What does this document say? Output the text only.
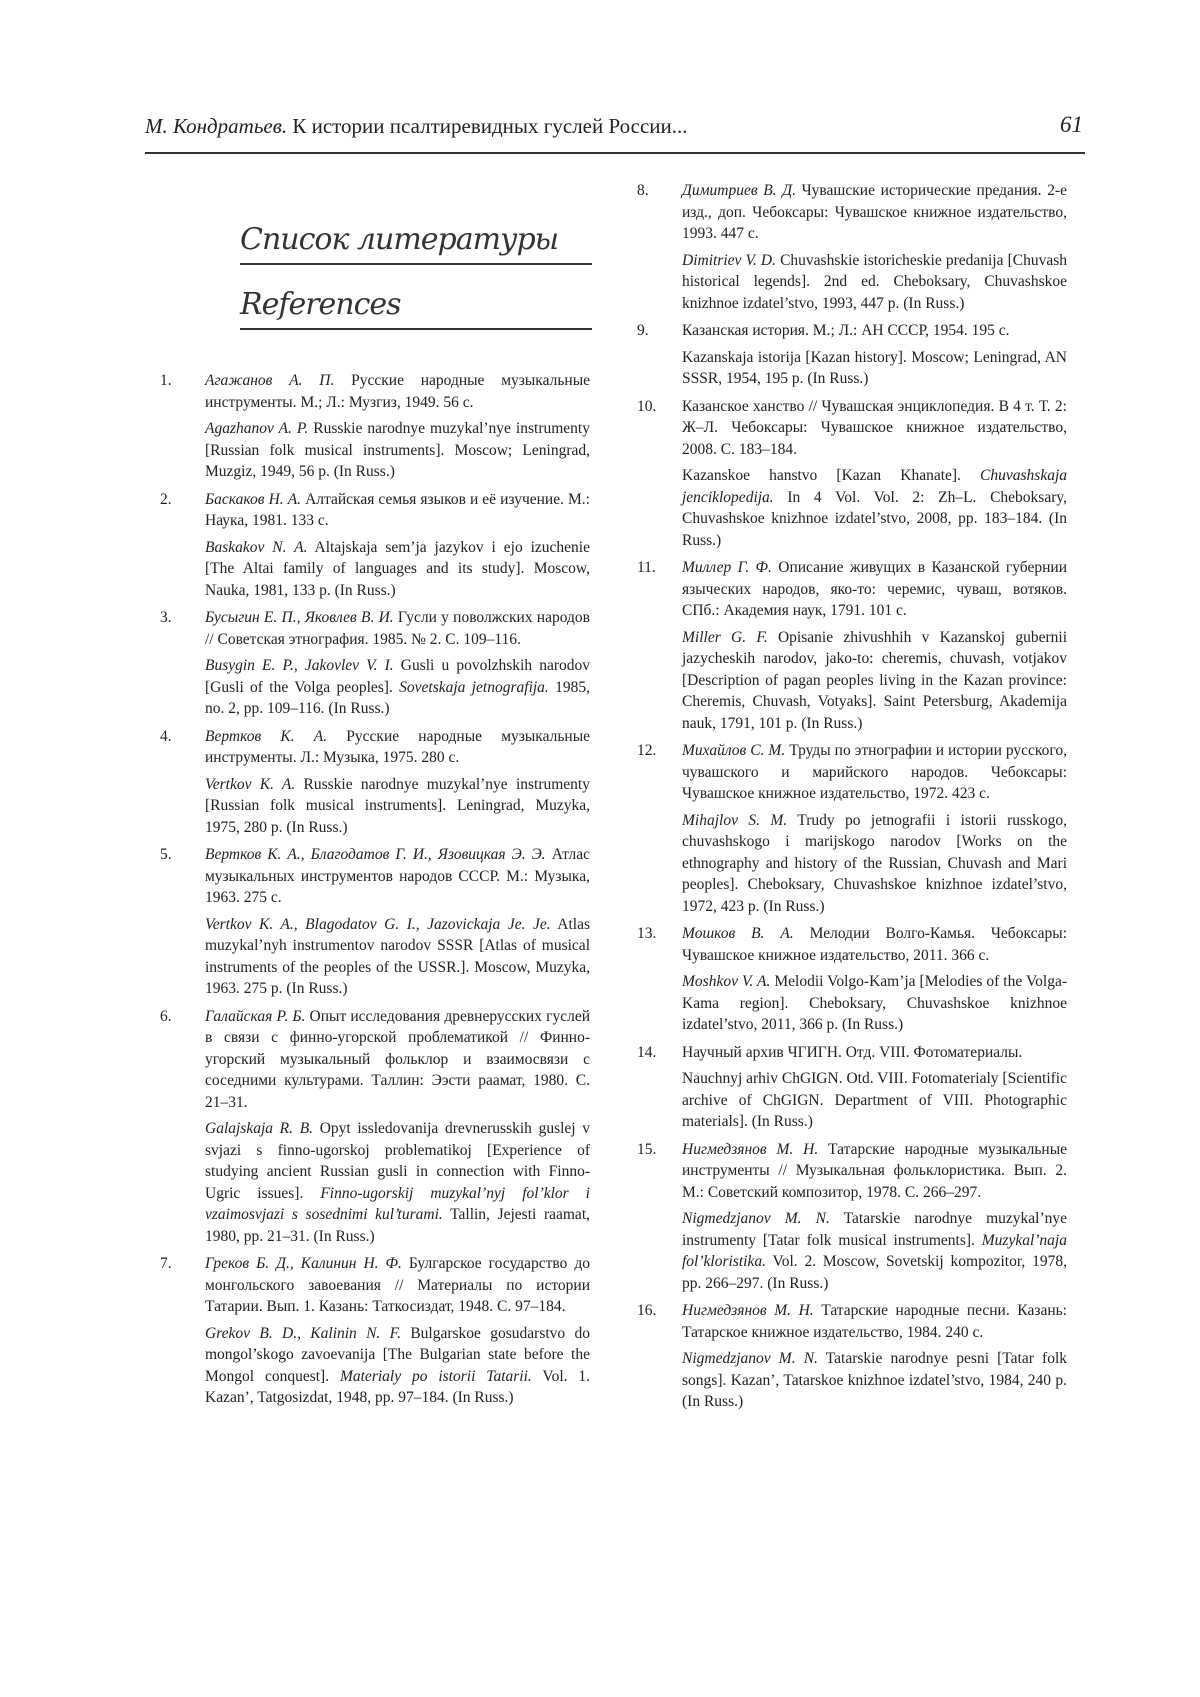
М. Кондратьев. К истории псалтиревидных гуслей России...	61
Список литературы
References
1. Агажанов А. П. Русские народные музыкальные инструменты. М.; Л.: Музгиз, 1949. 56 с.

Agazhanov A. P. Russkie narodnye muzykal’nye instrumenty [Russian folk musical instruments]. Moscow; Leningrad, Muzgiz, 1949, 56 p. (In Russ.)

2. Баскаков Н. А. Алтайская семья языков и её изучение. М.: Наука, 1981. 133 с.

Baskakov N. A. Altajskaja sem’ja jazykov i ejo izuchenie [The Altai family of languages and its study]. Moscow, Nauka, 1981, 133 p. (In Russ.)

3. Бусыгин Е. П., Яковлев В. И. Гусли у поволжских народов // Советская этнография. 1985. № 2. С. 109–116.

Busygin E. P., Jakovlev V. I. Gusli u povolzhskih narodov [Gusli of the Volga peoples]. Sovetskaja jetnografija. 1985, no. 2, pp. 109–116. (In Russ.)

4. Вертков К. А. Русские народные музыкальные инструменты. Л.: Музыка, 1975. 280 с.

Vertkov K. A. Russkie narodnye muzykal’nye instrumenty [Russian folk musical instruments]. Leningrad, Muzyka, 1975, 280 p. (In Russ.)

5. Вертков К. А., Благодатов Г. И., Язовицкая Э. Э. Атлас музыкальных инструментов народов СССР. М.: Музыка, 1963. 275 с.

Vertkov K. A., Blagodatov G. I., Jazovickaja Je. Je. Atlas muzykal’nyh instrumentov narodov SSSR [Atlas of musical instruments of the peoples of the USSR.]. Moscow, Muzyka, 1963. 275 p. (In Russ.)

6. Галайская Р. Б. Опыт исследования древнерусских гуслей в связи с финно-угорской проблематикой // Финно-угорский музыкальный фольклор и взаимосвязи с соседними культурами. Таллин: Ээсти раамат, 1980. С. 21–31.

Galajskaja R. B. Opyt issledovanija drevnerusskih guslej v svjazi s finno-ugorskoj problematikoj [Experience of studying ancient Russian gusli in connection with Finno-Ugric issues]. Finno-ugorskij muzykal’nyj fol’klor i vzaimosvjazi s sosednimi kul’turami. Tallin, Jejesti raamat, 1980, pp. 21–31. (In Russ.)

7. Греков Б. Д., Калинин Н. Ф. Булгарское государство до монгольского завоевания // Материалы по истории Татарии. Вып. 1. Казань: Таткосиздат, 1948. С. 97–184.

Grekov B. D., Kalinin N. F. Bulgarskoe gosudarstvo do mongol’skogo zavoevanija [The Bulgarian state before the Mongol conquest]. Materialy po istorii Tatarii. Vol. 1. Kazan’, Tatgosizdat, 1948, pp. 97–184. (In Russ.)

8. Димитриев В. Д. Чувашские исторические предания. 2-е изд., доп. Чебоксары: Чувашское книжное издательство, 1993. 447 с.

Dimitriev V. D. Chuvashskie istoricheskie predanija [Chuvash historical legends]. 2nd ed. Cheboksary, Chuvashskoe knizhnoe izdatel’stvo, 1993, 447 p. (In Russ.)

9. Казанская история. М.; Л.: АН СССР, 1954. 195 с.

Kazanskaja istorija [Kazan history]. Moscow; Leningrad, AN SSSR, 1954, 195 p. (In Russ.)

10. Казанское ханство // Чувашская энциклопедия. В 4 т. Т. 2: Ж–Л. Чебоксары: Чувашское книжное издательство, 2008. С. 183–184.

Kazanskoe hanstvo [Kazan Khanate]. Chuvashskaja jenciklopedija. In 4 Vol. Vol. 2: Zh–L. Cheboksary, Chuvashskoe knizhnoe izdatel’stvo, 2008, pp. 183–184. (In Russ.)

11. Миллер Г. Ф. Описание живущих в Казанской губернии языческих народов, яко-то: черемис, чуваш, вотяков. СПб.: Академия наук, 1791. 101 с.

Miller G. F. Opisanie zhivushhih v Kazanskoj gubernii jazycheskih narodov, jako-to: cheremis, chuvash, votjakov [Description of pagan peoples living in the Kazan province: Cheremis, Chuvash, Votyaks]. Saint Petersburg, Akademija nauk, 1791, 101 p. (In Russ.)

12. Михайлов С. М. Труды по этнографии и истории русского, чувашского и марийского народов. Чебоксары: Чувашское книжное издательство, 1972. 423 с.

Mihajlov S. M. Trudy po jetnografii i istorii russkogo, chuvashskogo i marijskogo narodov [Works on the ethnography and history of the Russian, Chuvash and Mari peoples]. Cheboksary, Chuvashskoe knizhnoe izdatel’stvo, 1972, 423 p. (In Russ.)

13. Мошков В. А. Мелодии Волго-Камья. Чебоксары: Чувашское книжное издательство, 2011. 366 с.

Moshkov V. A. Melodii Volgo-Kam’ja [Melodies of the Volga-Kama region]. Cheboksary, Chuvashskoe knizhnoe izdatel’stvo, 2011, 366 p. (In Russ.)

14. Научный архив ЧГИГН. Отд. VIII. Фотоматериалы.

Nauchnyj arhiv ChGIGN. Otd. VIII. Fotomaterialy [Scientific archive of ChGIGN. Department of VIII. Photographic materials]. (In Russ.)

15. Нигмедзянов М. Н. Татарские народные музыкальные инструменты // Музыкальная фольклористика. Вып. 2. М.: Советский композитор, 1978. С. 266–297.

Nigmedzjanov M. N. Tatarskie narodnye muzykal’nye instrumenty [Tatar folk musical instruments]. Muzykal’naja fol’kloristika. Vol. 2. Moscow, Sovetskij kompozitor, 1978, pp. 266–297. (In Russ.)

16. Нигмедзянов М. Н. Татарские народные песни. Казань: Татарское книжное издательство, 1984. 240 с.

Nigmedzjanov M. N. Tatarskie narodnye pesni [Tatar folk songs]. Kazan’, Tatarskoe knizhnoe izdatel’stvo, 1984, 240 p. (In Russ.)
